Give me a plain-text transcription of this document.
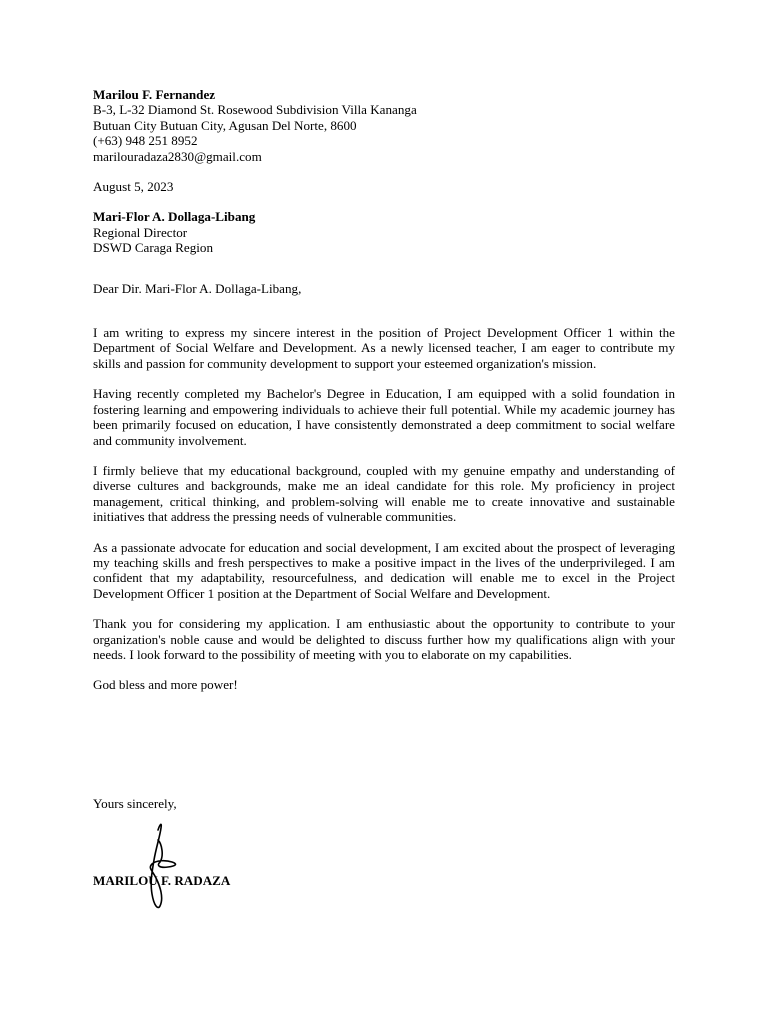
Marilou F. Fernandez
B-3, L-32 Diamond St. Rosewood Subdivision Villa Kananga
Butuan City Butuan City, Agusan Del Norte, 8600
(+63) 948 251 8952
marilouradaza2830@gmail.com
August 5, 2023
Mari-Flor A. Dollaga-Libang
Regional Director
DSWD Caraga Region
Dear Dir. Mari-Flor A. Dollaga-Libang,

I am writing to express my sincere interest in the position of Project Development Officer 1 within the Department of Social Welfare and Development. As a newly licensed teacher, I am eager to contribute my skills and passion for community development to support your esteemed organization's mission.

Having recently completed my Bachelor's Degree in Education, I am equipped with a solid foundation in fostering learning and empowering individuals to achieve their full potential. While my academic journey has been primarily focused on education, I have consistently demonstrated a deep commitment to social welfare and community involvement.

I firmly believe that my educational background, coupled with my genuine empathy and understanding of diverse cultures and backgrounds, make me an ideal candidate for this role. My proficiency in project management, critical thinking, and problem-solving will enable me to create innovative and sustainable initiatives that address the pressing needs of vulnerable communities.

As a passionate advocate for education and social development, I am excited about the prospect of leveraging my teaching skills and fresh perspectives to make a positive impact in the lives of the underprivileged. I am confident that my adaptability, resourcefulness, and dedication will enable me to excel in the Project Development Officer 1 position at the Department of Social Welfare and Development.

Thank you for considering my application. I am enthusiastic about the opportunity to contribute to your organization's noble cause and would be delighted to discuss further how my qualifications align with your needs. I look forward to the possibility of meeting with you to elaborate on my capabilities.

God bless and more power!

Yours sincerely,
MARILOU F. RADAZA
